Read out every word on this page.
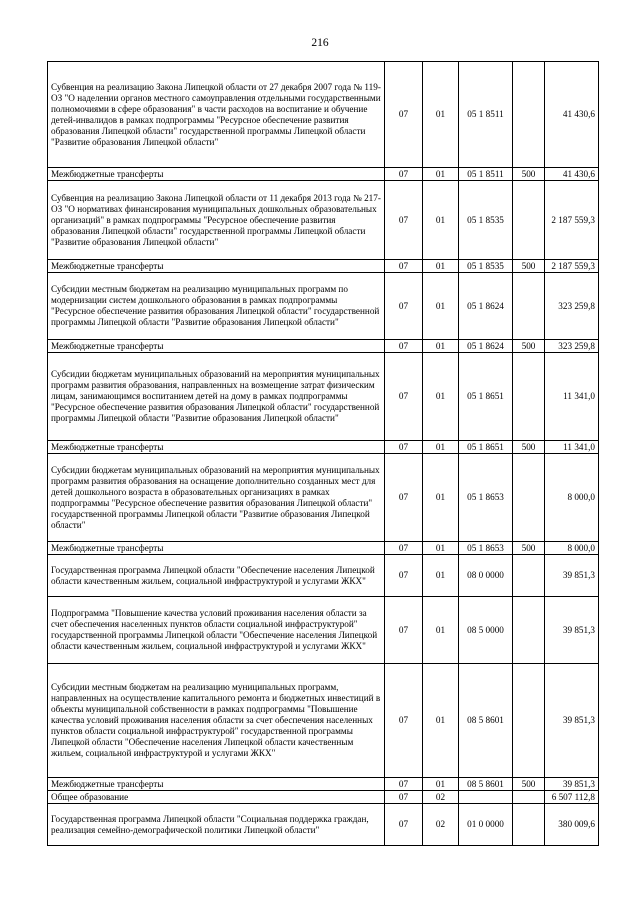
216
Субвенция на реализацию Закона Липецкой области от 27 декабря 2007 года № 119-ОЗ "О наделении органов местного самоуправления отдельными государственными полномочиями в сфере образования" в части расходов на воспитание и обучение детей-инвалидов в рамках подпрограммы "Ресурсное обеспечение развития образования Липецкой области" государственной программы Липецкой области "Развитие образования Липецкой области"	07	01	05 1 8511		41 430,6
Межбюджетные трансферты	07	01	05 1 8511	500	41 430,6
Субвенция на реализацию Закона Липецкой области от 11 декабря 2013 года № 217-ОЗ "О нормативах финансирования муниципальных дошкольных образовательных организаций" в рамках подпрограммы "Ресурсное обеспечение развития образования Липецкой области" государственной программы Липецкой области "Развитие образования Липецкой области"	07	01	05 1 8535		2 187 559,3
Межбюджетные трансферты	07	01	05 1 8535	500	2 187 559,3
Субсидии местным бюджетам на реализацию муниципальных программ по модернизации систем дошкольного образования в рамках подпрограммы "Ресурсное обеспечение развития образования Липецкой области" государственной программы Липецкой области "Развитие образования Липецкой области"	07	01	05 1 8624		323 259,8
Межбюджетные трансферты	07	01	05 1 8624	500	323 259,8
Субсидии бюджетам муниципальных образований на мероприятия муниципальных программ развития образования, направленных на возмещение затрат физическим лицам, занимающимся воспитанием детей на дому в рамках подпрограммы "Ресурсное обеспечение развития образования Липецкой области" государственной программы Липецкой области "Развитие образования Липецкой области"	07	01	05 1 8651		11 341,0
Межбюджетные трансферты	07	01	05 1 8651	500	11 341,0
Субсидии бюджетам муниципальных образований на мероприятия муниципальных программ развития образования на оснащение дополнительно созданных мест для детей дошкольного возраста в образовательных организациях в рамках подпрограммы "Ресурсное обеспечение развития образования Липецкой области" государственной программы Липецкой области "Развитие образования Липецкой области"	07	01	05 1 8653		8 000,0
Межбюджетные трансферты	07	01	05 1 8653	500	8 000,0
Государственная программа Липецкой области "Обеспечение населения Липецкой области качественным жильем, социальной инфраструктурой и услугами ЖКХ"	07	01	08 0 0000		39 851,3
Подпрограмма "Повышение качества условий проживания населения области за счет обеспечения населенных пунктов области социальной инфраструктурой" государственной программы Липецкой области "Обеспечение населения Липецкой области качественным жильем, социальной инфраструктурой и услугами ЖКХ"	07	01	08 5 0000		39 851,3
Субсидии местным бюджетам на реализацию муниципальных программ, направленных на осуществление капитального ремонта и бюджетных инвестиций в объекты муниципальной собственности в рамках подпрограммы "Повышение качества условий проживания населения области за счет обеспечения населенных пунктов области социальной инфраструктурой" государственной программы Липецкой области "Обеспечение населения Липецкой области качественным жильем, социальной инфраструктурой и услугами ЖКХ"	07	01	08 5 8601		39 851,3
Межбюджетные трансферты	07	01	08 5 8601	500	39 851,3
Общее образование	07	02			6 507 112,8
Государственная программа Липецкой области "Социальная поддержка граждан, реализация семейно-демографической политики Липецкой области"	07	02	01 0 0000		380 009,6
